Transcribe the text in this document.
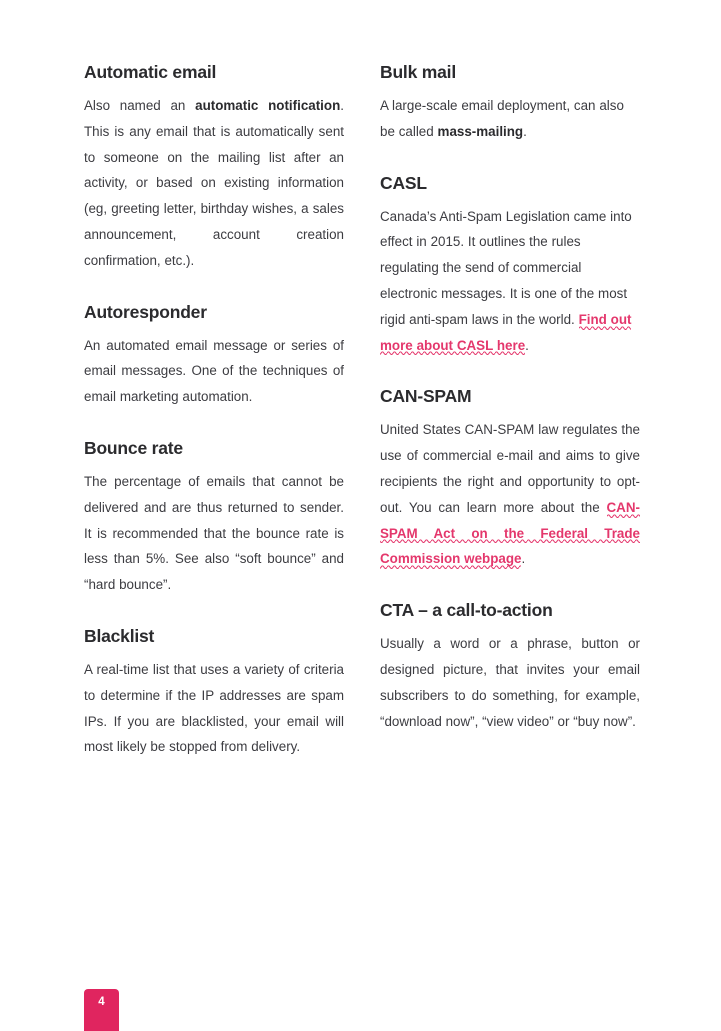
Automatic email

Also named an automatic notification. This is any email that is automatically sent to someone on the mailing list after an activity, or based on existing information (eg, greeting letter, birthday wishes, a sales announcement, account creation confirmation, etc.).

Autoresponder

An automated email message or series of email messages. One of the techniques of email marketing automation.

Bounce rate

The percentage of emails that cannot be delivered and are thus returned to sender. It is recommended that the bounce rate is less than 5%. See also “soft bounce” and “hard bounce”.

Blacklist

A real-time list that uses a variety of criteria to determine if the IP addresses are spam IPs. If you are blacklisted, your email will most likely be stopped from delivery.

Bulk mail

A large-scale email deployment, can also be called mass-mailing.

CASL

Canada’s Anti-Spam Legislation came into effect in 2015. It outlines the rules regulating the send of commercial electronic messages. It is one of the most rigid anti-spam laws in the world. Find out more about CASL here.

CAN-SPAM

United States CAN-SPAM law regulates the use of commercial e-mail and aims to give recipients the right and opportunity to opt-out. You can learn more about the CAN-SPAM Act on the Federal Trade Commission webpage.

CTA – a call-to-action

Usually a word or a phrase, button or designed picture, that invites your email subscribers to do something, for example, “download now”, “view video” or “buy now”.

4
